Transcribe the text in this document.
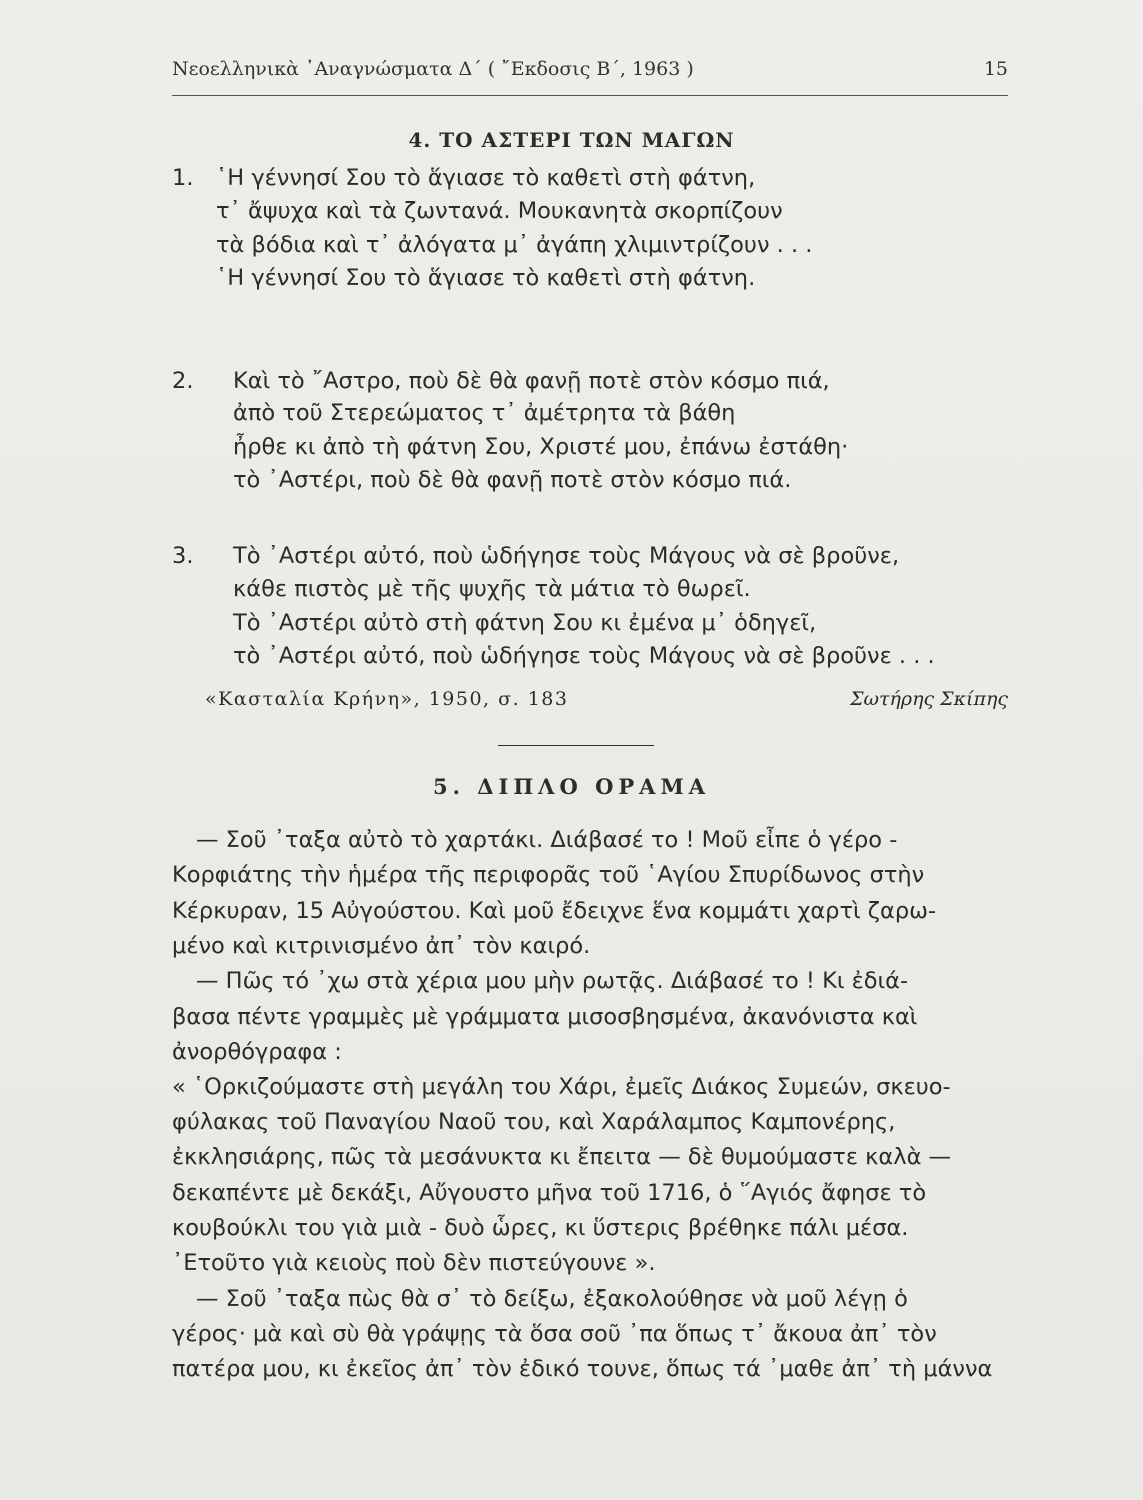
Νεοελληνικὰ ᾿Αναγνώσματα Δ΄ ( ῎Εκδοσις Β΄, 1963 )	15
4. ΤΟ ΑΣΤΕΡΙ ΤΩΝ ΜΑΓΩΝ
1. ῾Η γέννησί Σου τὸ ἅγιασε τὸ καθετὶ στὴ φάτνη,
τ᾿ ἄψυχα καὶ τὰ ζωντανά. Μουκανητὰ σκορπίζουν
τὰ βόδια καὶ τ᾿ ἀλόγατα μ᾿ ἀγάπη χλιμιντρίζουν . . .
῾Η γέννησί Σου τὸ ἅγιασε τὸ καθετὶ στὴ φάτνη.
2. Καὶ τὸ ῎Αστρο, ποὺ δὲ θὰ φανῇ ποτὲ στὸν κόσμο πιά,
ἀπὸ τοῦ Στερεώματος τ᾿ ἀμέτρητα τὰ βάθη
ἦρθε κι ἀπὸ τὴ φάτνη Σου, Χριστέ μου, ἐπάνω ἐστάθη·
τὸ ᾿Αστέρι, ποὺ δὲ θὰ φανῇ ποτὲ στὸν κόσμο πιά.
3. Τὸ ᾿Αστέρι αὐτό, ποὺ ὡδήγησε τοὺς Μάγους νὰ σὲ βροῦνε,
κάθε πιστὸς μὲ τῆς ψυχῆς τὰ μάτια τὸ θωρεῖ.
Τὸ ᾿Αστέρι αὐτὸ στὴ φάτνη Σου κι ἐμένα μ᾿ ὁδηγεῖ,
τὸ ᾿Αστέρι αὐτό, ποὺ ὡδήγησε τοὺς Μάγους νὰ σὲ βροῦνε . . .
«Κασταλία Κρήνη», 1950, σ. 183	Σωτήρης Σκίπης
5. ΔΙΠΛΟ ΟΡΑΜΑ
— Σοῦ ᾿ταξα αὐτὸ τὸ χαρτάκι. Διάβασέ το ! Μοῦ εἶπε ὁ γέρο -
Κορφιάτης τὴν ἡμέρα τῆς περιφορᾶς τοῦ ῾Αγίου Σπυρίδωνος στὴν
Κέρκυραν, 15 Αὐγούστου. Καὶ μοῦ ἔδειχνε ἕνα κομμάτι χαρτὶ ζαρω-
μένο καὶ κιτρινισμένο ἀπ᾿ τὸν καιρό.
— Πῶς τό ᾿χω στὰ χέρια μου μὴν ρωτᾷς. Διάβασέ το ! Κι ἐδιά-
βασα πέντε γραμμὲς μὲ γράμματα μισοσβησμένα, ἀκανόνιστα καὶ
ἀνορθόγραφα :
« ῾Ορκιζούμαστε στὴ μεγάλη του Χάρι, ἐμεῖς Διάκος Συμεών, σκευο-
φύλακας τοῦ Παναγίου Ναοῦ του, καὶ Χαράλαμπος Καμπονέρης,
ἐκκλησιάρης, πῶς τὰ μεσάνυκτα κι ἔπειτα — δὲ θυμούμαστε καλὰ —
δεκαπέντε μὲ δεκάξι, Αὔγουστο μῆνα τοῦ 1716, ὁ ῞Αγιός ἄφησε τὸ
κουβούκλι του γιὰ μιὰ - δυὸ ὧρες, κι ὕστερις βρέθηκε πάλι μέσα.
᾿Ετοῦτο γιὰ κειοὺς ποὺ δὲν πιστεύγουνε ».
— Σοῦ ᾿ταξα πὼς θὰ σ᾿ τὸ δείξω, ἐξακολούθησε νὰ μοῦ λέγῃ ὁ
γέρος· μὰ καὶ σὺ θὰ γράψῃς τὰ ὅσα σοῦ ᾿πα ὅπως τ᾿ ἄκουα ἀπ᾿ τὸν
πατέρα μου, κι ἐκεῖος ἀπ᾿ τὸν ἐδικό τουνε, ὅπως τά ᾿μαθε ἀπ᾿ τὴ μάννα
